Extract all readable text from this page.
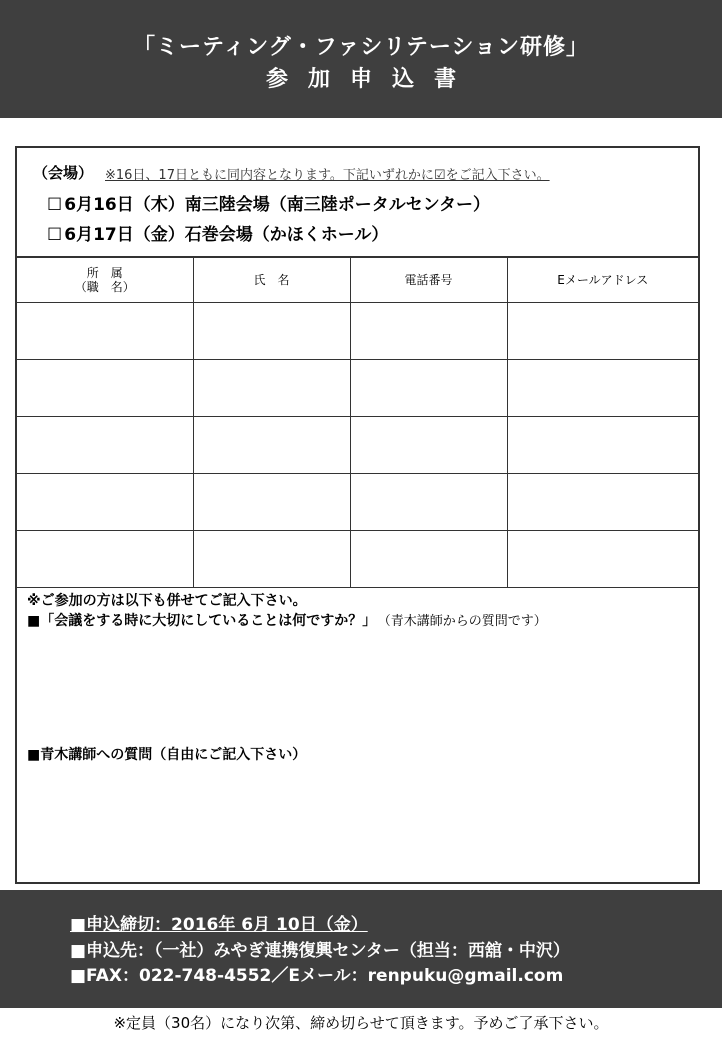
「ミーティング・ファシリテーション研修」
参加申込書
（会場） ※16日、17日ともに同内容となります。下記いずれかに☑をご記入下さい。
☐ 6月16日（木）南三陸会場（南三陸ポータルセンター）
☐ 6月17日（金）石巻会場（かほくホール）
所　属
（職　名）	氏　名	電話番号	Eメールアドレス

※ご参加の方は以下も併せてご記入下さい。
■「会議をする時に大切にしていることは何ですか？」 （青木講師からの質問です）
■青木講師への質問（自由にご記入下さい）
■申込締切：2016年 6月 10日（金）
■申込先：（一社）みやぎ連携復興センター（担当：西舘・中沢）
■FAX：022-748-4552／Eメール：renpuku@gmail.com
※定員（30名）になり次第、締め切らせて頂きます。予めご了承下さい。
